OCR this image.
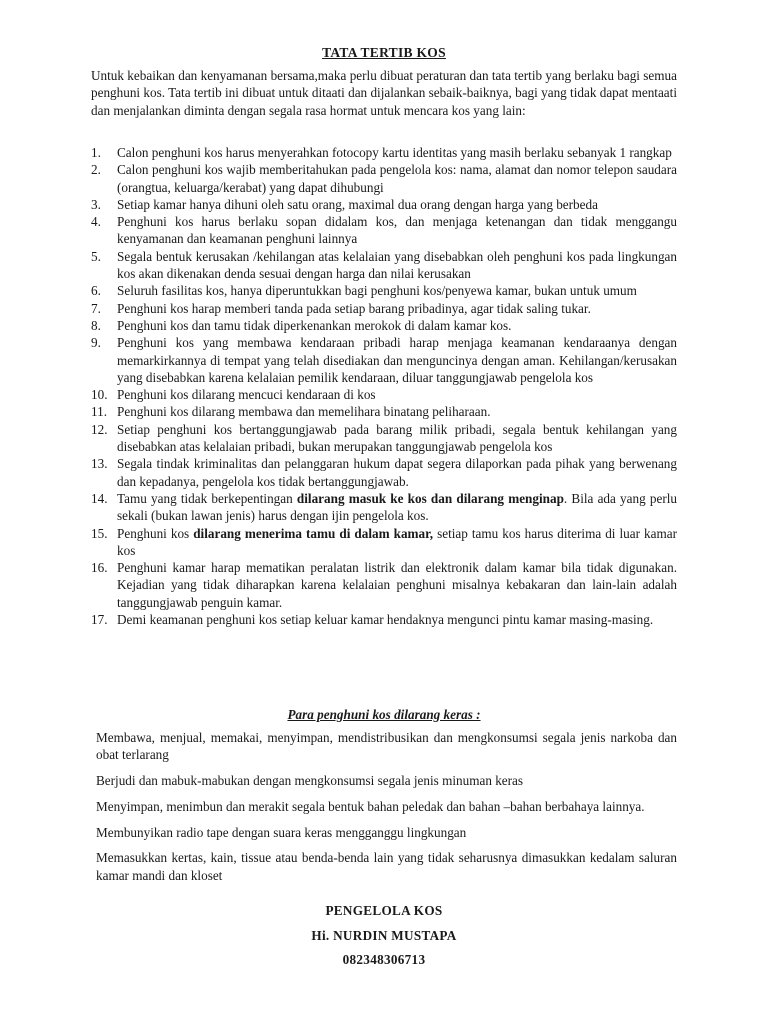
TATA TERTIB KOS

Untuk kebaikan dan kenyamanan bersama,maka perlu dibuat peraturan dan tata tertib yang berlaku bagi semua penghuni kos. Tata tertib ini dibuat untuk ditaati dan dijalankan sebaik-baiknya, bagi yang tidak dapat mentaati dan menjalankan diminta dengan segala rasa hormat untuk mencara kos yang lain:

1.	Calon penghuni kos harus menyerahkan fotocopy kartu identitas yang masih berlaku sebanyak 1 rangkap
2.	Calon penghuni kos wajib memberitahukan pada pengelola kos: nama, alamat dan nomor telepon saudara (orangtua, keluarga/kerabat) yang dapat dihubungi
3.	Setiap kamar hanya dihuni oleh satu orang, maximal dua orang dengan harga yang berbeda
4.	Penghuni kos harus berlaku sopan didalam kos, dan menjaga ketenangan dan tidak menggangu kenyamanan dan keamanan penghuni lainnya
5.	Segala bentuk kerusakan /kehilangan atas kelalaian yang disebabkan oleh penghuni kos pada lingkungan kos akan dikenakan denda sesuai dengan harga dan nilai kerusakan
6.	Seluruh fasilitas kos, hanya diperuntukkan bagi penghuni kos/penyewa kamar, bukan untuk umum
7.	Penghuni kos harap memberi tanda pada setiap barang pribadinya, agar tidak saling tukar.
8.	Penghuni kos dan tamu tidak diperkenankan merokok di dalam kamar kos.
9.	Penghuni kos yang membawa kendaraan pribadi harap menjaga keamanan kendaraanya dengan memarkirkannya di tempat yang telah disediakan dan menguncinya dengan aman. Kehilangan/kerusakan yang disebabkan karena kelalaian pemilik kendaraan, diluar tanggungjawab pengelola kos
10. Penghuni kos dilarang mencuci kendaraan di kos
11. Penghuni kos dilarang membawa dan memelihara binatang peliharaan.
12. Setiap penghuni kos bertanggungjawab pada barang milik pribadi, segala bentuk kehilangan yang disebabkan atas kelalaian pribadi, bukan merupakan tanggungjawab pengelola kos
13. Segala tindak kriminalitas dan pelanggaran hukum dapat segera dilaporkan pada pihak yang berwenang dan kepadanya, pengelola kos tidak bertanggungjawab.
14. Tamu yang tidak berkepentingan dilarang masuk ke kos dan dilarang menginap. Bila ada yang perlu sekali (bukan lawan jenis) harus dengan ijin pengelola kos.
15. Penghuni kos dilarang menerima tamu di dalam kamar, setiap tamu kos harus diterima di luar kamar kos
16. Penghuni kamar harap mematikan peralatan listrik dan elektronik dalam kamar bila tidak digunakan. Kejadian yang tidak diharapkan karena kelalaian penghuni misalnya kebakaran dan lain-lain adalah tanggungjawab penguin kamar.
17. Demi keamanan penghuni kos setiap keluar kamar hendaknya mengunci pintu kamar masing-masing.
Para penghuni kos dilarang keras :

Membawa, menjual, memakai, menyimpan, mendistribusikan dan mengkonsumsi segala jenis narkoba dan obat terlarang

Berjudi dan mabuk-mabukan dengan mengkonsumsi segala jenis minuman keras

Menyimpan, menimbun dan merakit segala bentuk bahan peledak dan bahan –bahan berbahaya lainnya.

Membunyikan radio tape dengan suara keras mengganggu lingkungan

Memasukkan kertas, kain, tissue atau benda-benda lain yang tidak seharusnya dimasukkan kedalam saluran kamar mandi dan kloset

PENGELOLA KOS
Hi. NURDIN MUSTAPA
082348306713
